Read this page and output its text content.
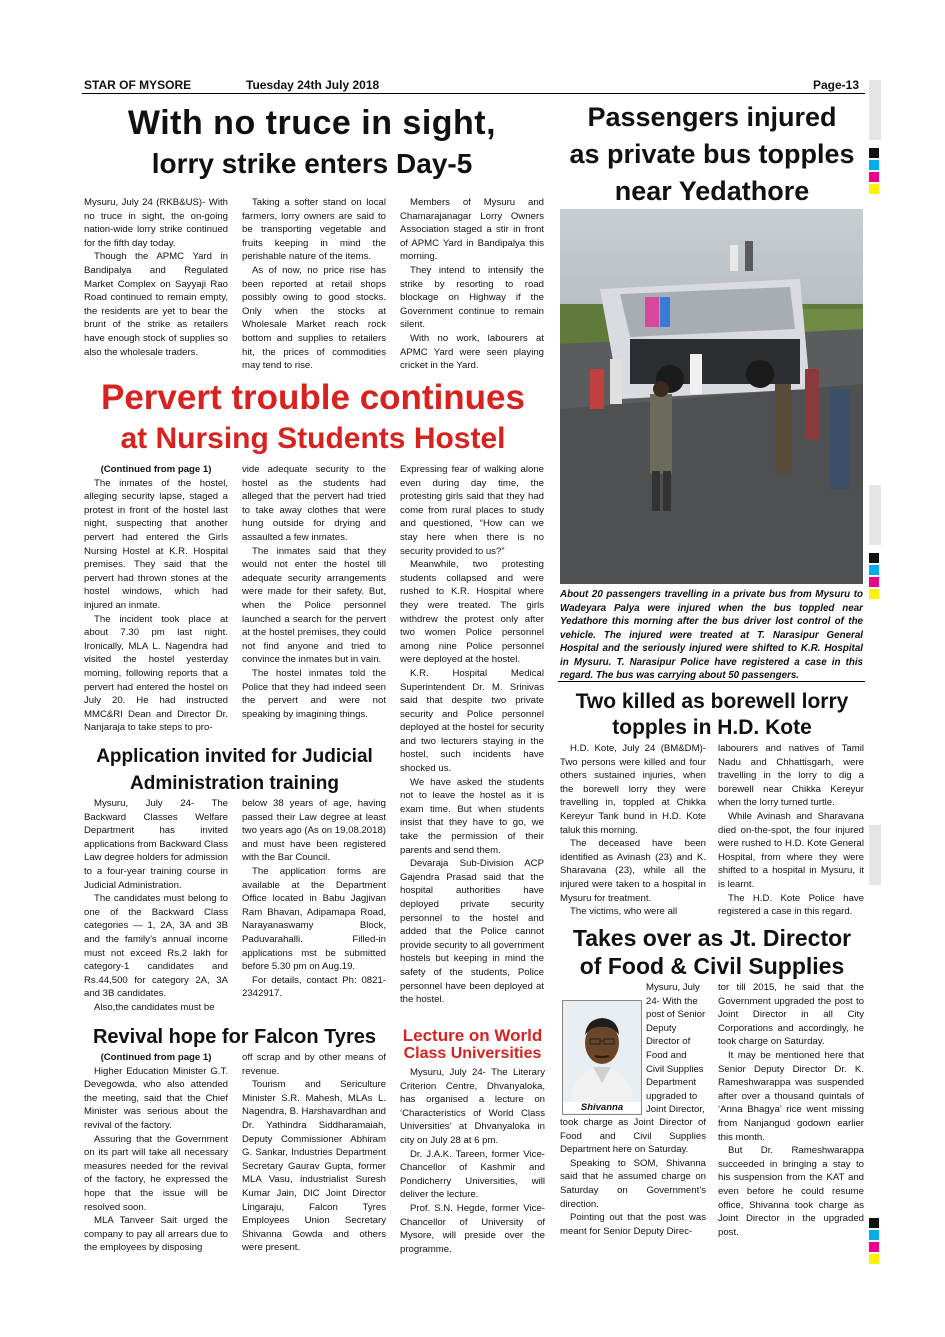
STAR OF MYSORE	Tuesday 24th July 2018	Page-13
With no truce in sight,
lorry strike enters Day-5

Mysuru, July 24 (RKB&US)- With no truce in sight, the on-going nation-wide lorry strike continued for the fifth day today.

Though the APMC Yard in Bandipalya and Regulated Market Complex on Sayyaji Rao Road continued to remain empty, the residents are yet to bear the brunt of the strike as retailers have enough stock of supplies so also the wholesale traders.

Taking a softer stand on local farmers, lorry owners are said to be transporting vegetable and fruits keeping in mind the perishable nature of the items.

As of now, no price rise has been reported at retail shops possibly owing to good stocks. Only when the stocks at Wholesale Market reach rock bottom and supplies to retailers hit, the prices of commodities may tend to rise.

Members of Mysuru and Chamarajanagar Lorry Owners Association staged a stir in front of APMC Yard in Bandipalya this morning.

They intend to intensify the strike by resorting to road blockage on Highway if the Government continue to remain silent.

With no work, labourers at APMC Yard were seen playing cricket in the Yard.

Pervert trouble continues
at Nursing Students Hostel

(Continued from page 1)

The inmates of the hostel, alleging security lapse, staged a protest in front of the hostel last night, suspecting that another pervert had entered the Girls Nursing Hostel at K.R. Hospital premises. They said that the pervert had thrown stones at the hostel windows, which had injured an inmate.

The incident took place at about 7.30 pm last night. Ironically, MLA L. Nagendra had visited the hostel yesterday morning, following reports that a pervert had entered the hostel on July 20. He had instructed MMC&RI Dean and Director Dr. Nanjaraja to take steps to pro-

vide adequate security to the hostel as the students had alleged that the pervert had tried to take away clothes that were hung outside for drying and assaulted a few inmates.

The inmates said that they would not enter the hostel till adequate security arrangements were made for their safety. But, when the Police personnel launched a search for the pervert at the hostel premises, they could not find anyone and tried to convince the inmates but in vain.

The hostel inmates told the Police that they had indeed seen the pervert and were not speaking by imagining things.

Expressing fear of walking alone even during day time, the protesting girls said that they had come from rural places to study and questioned, “How can we stay here when there is no security provided to us?”

Meanwhile, two protesting students collapsed and were rushed to K.R. Hospital where they were treated. The girls withdrew the protest only after two women Police personnel among nine Police personnel were deployed at the hostel.

K.R. Hospital Medical Superintendent Dr. M. Srinivas said that despite two private security and Police personnel deployed at the hostel for security and two lecturers staying in the hostel, such incidents have shocked us.

We have asked the students not to leave the hostel as it is exam time. But when students insist that they have to go, we take the permission of their parents and send them.

Devaraja Sub-Division ACP Gajendra Prasad said that the hospital authorities have deployed private security personnel to the hostel and added that the Police cannot provide security to all government hostels but keeping in mind the safety of the students, Police personnel have been deployed at the hostel.

Passengers injured
as private bus topples
near Yedathore
About 20 passengers travelling in a private bus from Mysuru to Wadeyara Palya were injured when the bus toppled near Yedathore this morning after the bus driver lost control of the vehicle. The injured were treated at T. Narasipur General Hospital and the seriously injured were shifted to K.R. Hospital in Mysuru. T. Narasipur Police have registered a case in this regard. The bus was carrying about 50 passengers.
Application invited for Judicial
Administration training

Mysuru, July 24- The Backward Classes Welfare Department has invited applications from Backward Class Law degree holders for admission to a four-year training course in Judicial Administration.

The candidates must belong to one of the Backward Class categories — 1, 2A, 3A and 3B and the family’s annual income must not exceed Rs.2 lakh for category-1 candidates and Rs.44,500 for category 2A, 3A and 3B candidates.

Also,the candidates must be

below 38 years of age, having passed their Law degree at least two years ago (As on 19.08.2018) and must have been registered with the Bar Council.

The application forms are available at the Department Office located in Babu Jagjivan Ram Bhavan, Adipamapa Road, Narayanaswamy Block, Paduvarahalli. Filled-in applications mst be submitted before 5.30 pm on Aug.19.

For details, contact Ph: 0821-2342917.

Revival hope for Falcon Tyres

(Continued from page 1)

Higher Education Minister G.T. Devegowda, who also attended the meeting, said that the Chief Minister was serious about the revival of the factory.

Assuring that the Government on its part will take all necessary measures needed for the revival of the factory, he expressed the hope that the issue will be resolved soon.

MLA Tanveer Sait urged the company to pay all arrears due to the employees by disposing

off scrap and by other means of revenue.

Tourism and Sericulture Minister S.R. Mahesh, MLAs L. Nagendra, B. Harshavardhan and Dr. Yathindra Siddharamaiah, Deputy Commissioner Abhiram G. Sankar, Industries Department Secretary Gaurav Gupta, former MLA Vasu, industrialist Suresh Kumar Jain, DIC Joint Director Lingaraju, Falcon Tyres Employees Union Secretary Shivanna Gowda and others were present.

Lecture on World
Class Universities

Mysuru, July 24- The Literary Criterion Centre, Dhvanyaloka, has organised a lecture on ‘Characteristics of World Class Universities’ at Dhvanyaloka in city on July 28 at 6 pm.

Dr. J.A.K. Tareen, former Vice-Chancellor of Kashmir and Pondicherry Universities, will deliver the lecture.

Prof. S.N. Hegde, former Vice-Chancellor of University of Mysore, will preside over the programme.

Two killed as borewell lorry
topples in H.D. Kote

H.D. Kote, July 24 (BM&DM)- Two persons were killed and four others sustained injuries, when the borewell lorry they were travelling in, toppled at Chikka Kereyur Tank bund in H.D. Kote taluk this morning.

The deceased have been identified as Avinash (23) and K. Sharavana (23), while all the injured were taken to a hospital in Mysuru for treatment.

The victims, who were all

labourers and natives of Tamil Nadu and Chhattisgarh, were travelling in the lorry to dig a borewell near Chikka Kereyur when the lorry turned turtle.

While Avinash and Sharavana died on-the-spot, the four injured were rushed to H.D. Kote General Hospital, from where they were shifted to a hospital in Mysuru, it is learnt.

The H.D. Kote Police have registered a case in this regard.

Takes over as Jt. Director
of Food & Civil Supplies
Shivanna

Mysuru, July 24- With the post of Senior Deputy Director of Food and Civil Supplies Department upgraded to Joint Director,

took charge as Joint Director of Food and Civil Supplies Department here on Saturday.

Speaking to SOM, Shivanna said that he assumed charge on Saturday on Government’s direction.

Pointing out that the post was meant for Senior Deputy Direc-

tor till 2015, he said that the Government upgraded the post to Joint Director in all City Corporations and accordingly, he took charge on Saturday.

It may be mentioned here that Senior Deputy Director Dr. K. Rameshwarappa was suspended after over a thousand quintals of ‘Anna Bhagya’ rice went missing from Nanjangud godown earlier this month.

But Dr. Rameshwarappa succeeded in bringing a stay to his suspension from the KAT and even before he could resume office, Shivanna took charge as Joint Director in the upgraded post.
